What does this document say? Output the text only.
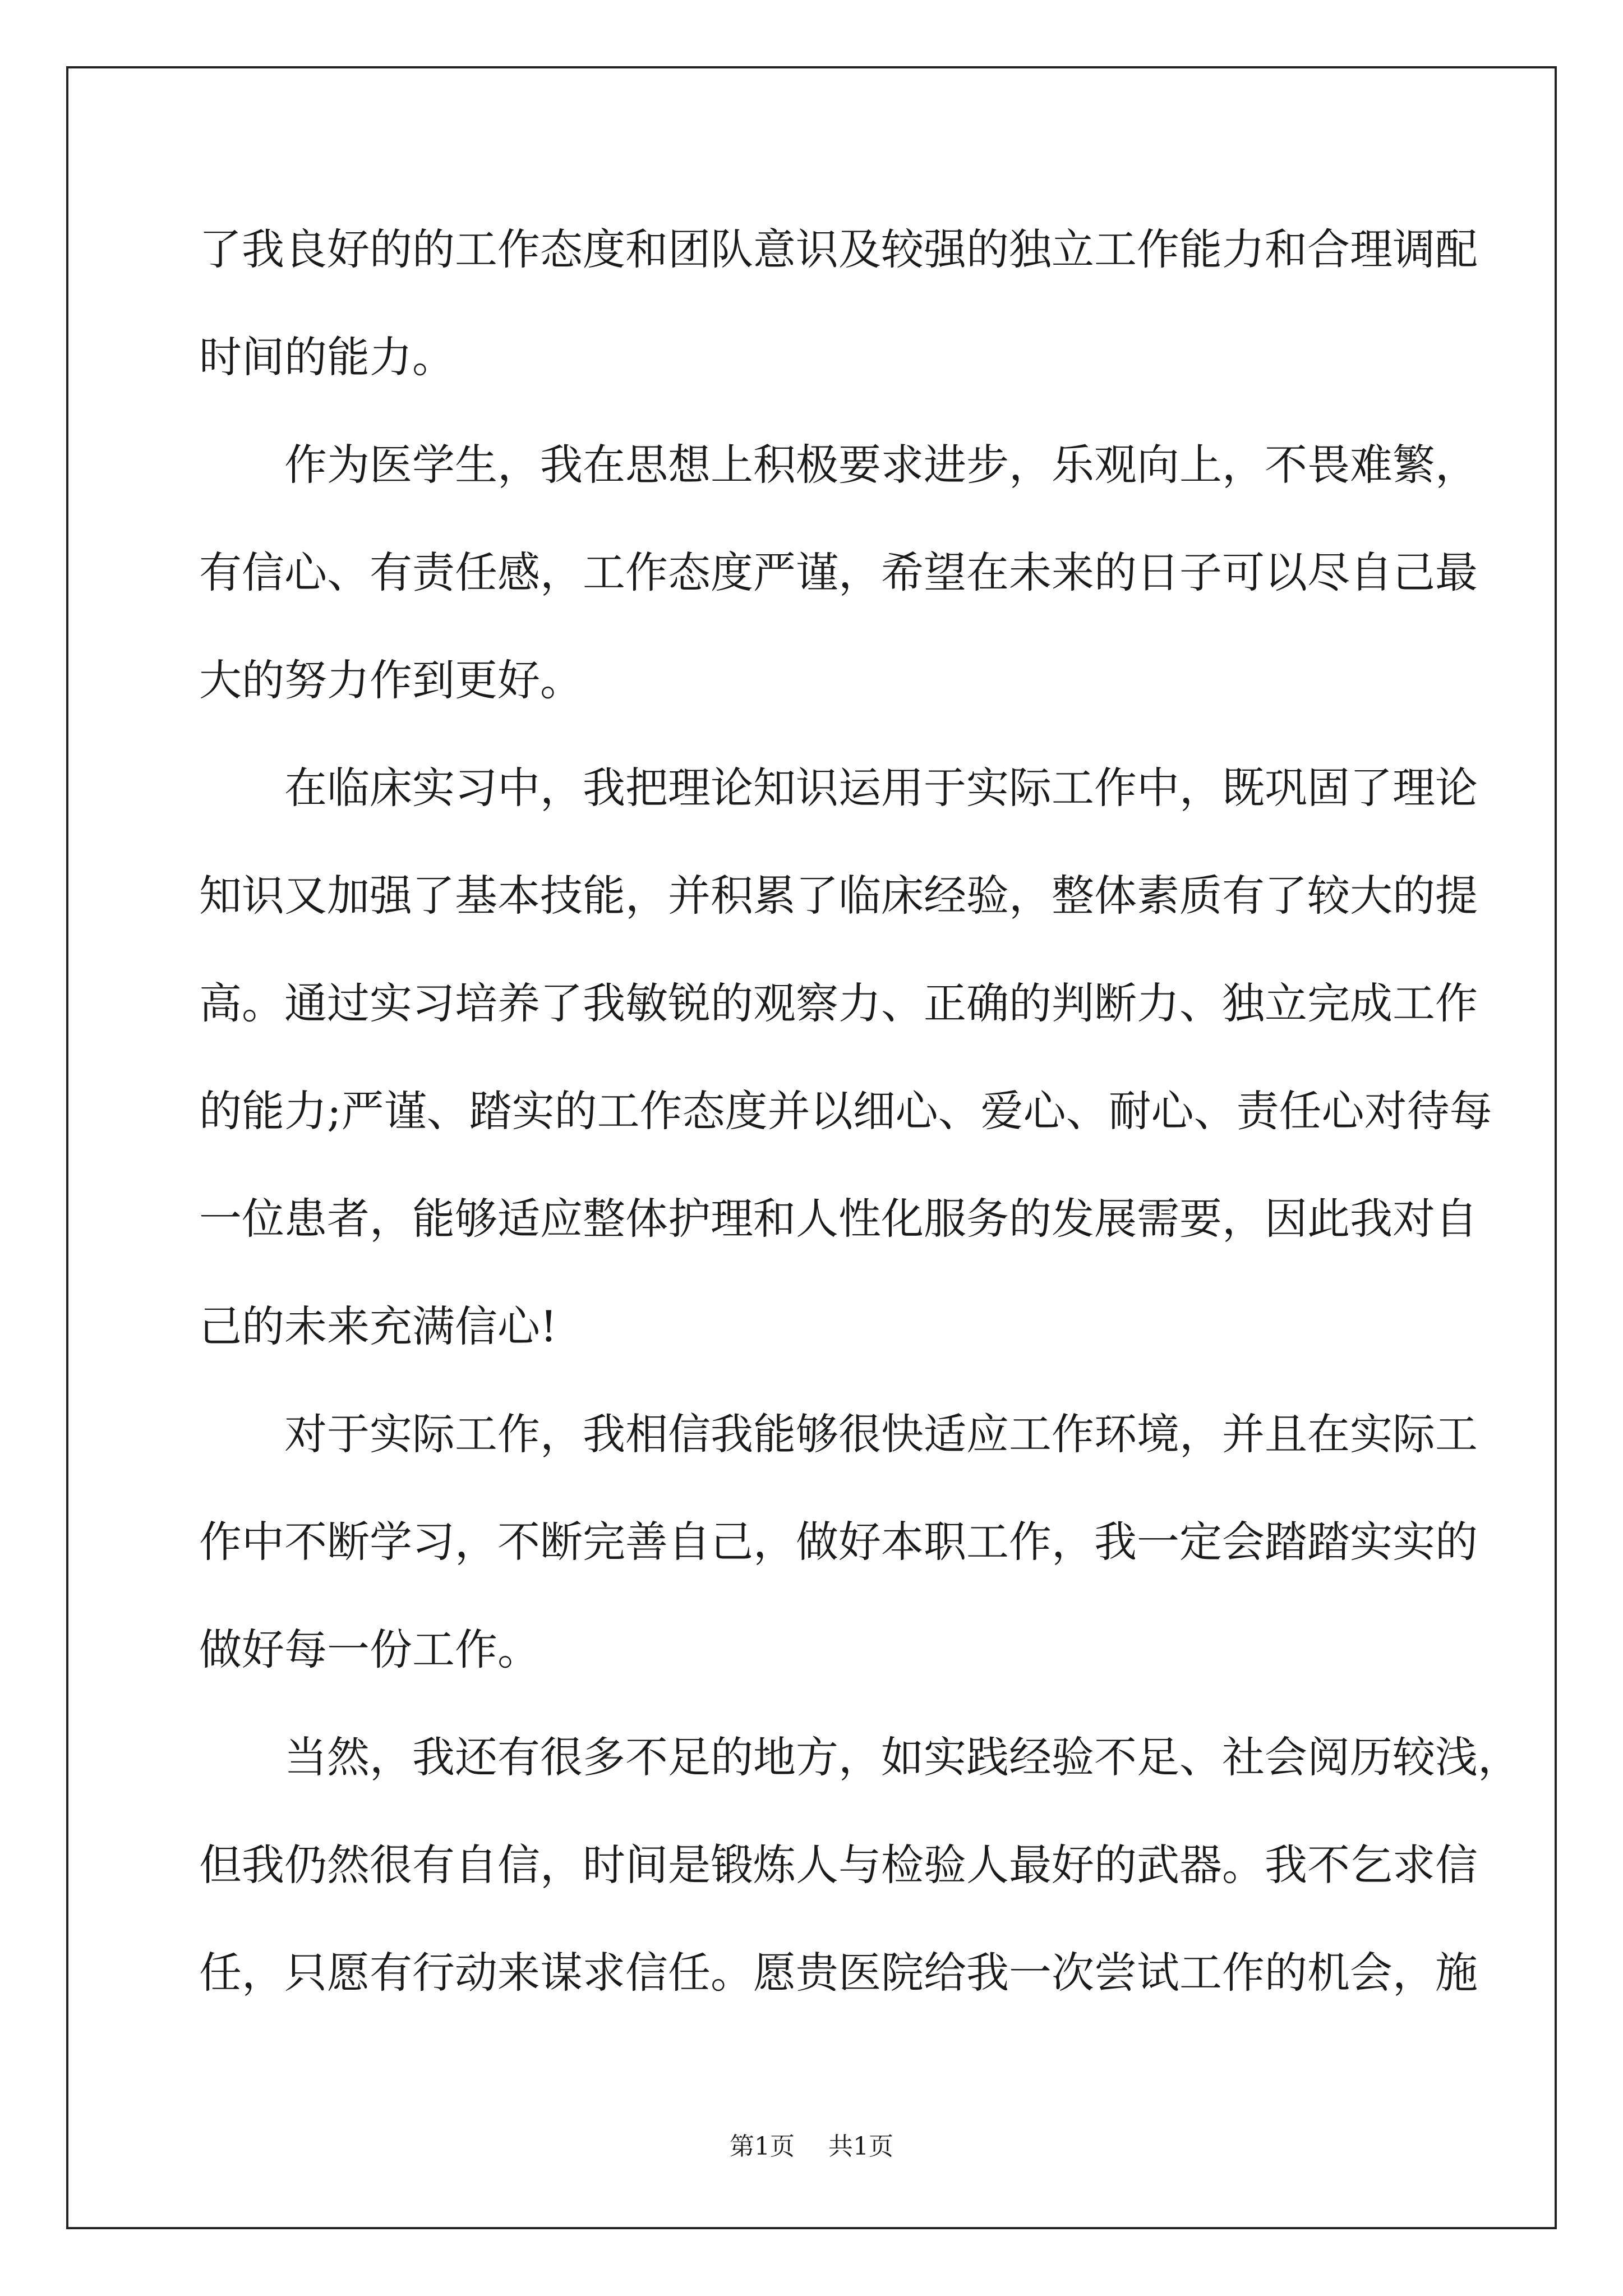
了我良好的的工作态度和团队意识及较强的独立工作能力和合理调配
时间的能力。
作为医学生，我在思想上积极要求进步，乐观向上，不畏难繁，
有信心、有责任感，工作态度严谨，希望在未来的日子可以尽自己最
大的努力作到更好。
在临床实习中，我把理论知识运用于实际工作中，既巩固了理论
知识又加强了基本技能，并积累了临床经验，整体素质有了较大的提
高。通过实习培养了我敏锐的观察力、正确的判断力、独立完成工作
的能力;严谨、踏实的工作态度并以细心、爱心、耐心、责任心对待每
一位患者，能够适应整体护理和人性化服务的发展需要，因此我对自
己的未来充满信心!
对于实际工作，我相信我能够很快适应工作环境，并且在实际工
作中不断学习，不断完善自己，做好本职工作，我一定会踏踏实实的
做好每一份工作。
当然，我还有很多不足的地方，如实践经验不足、社会阅历较浅，
但我仍然很有自信，时间是锻炼人与检验人最好的武器。我不乞求信
任，只愿有行动来谋求信任。愿贵医院给我一次尝试工作的机会，施
第1页 共1页
